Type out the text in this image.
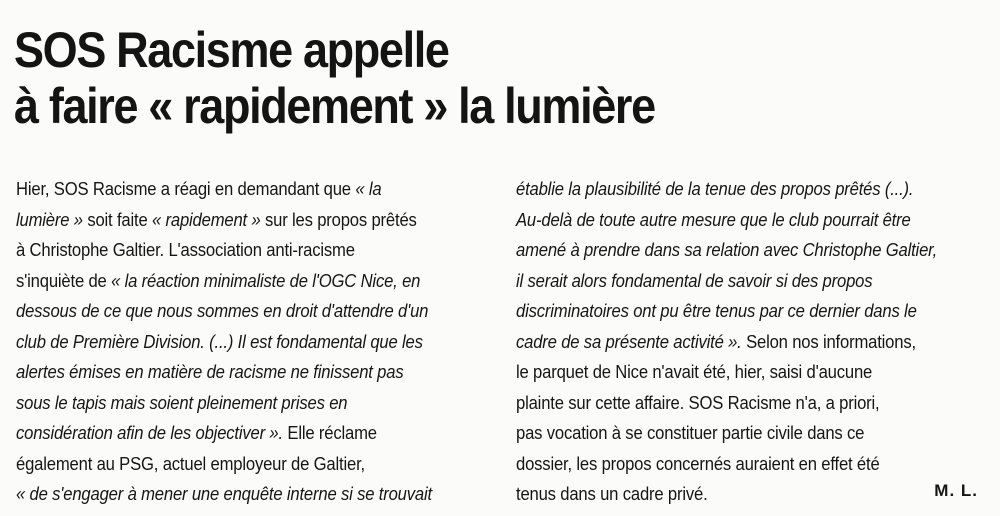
SOS Racisme appelle
à faire « rapidement » la lumière
Hier, SOS Racisme a réagi en demandant que « la
lumière » soit faite « rapidement » sur les propos prêtés
à Christophe Galtier. L'association anti-racisme
s'inquiète de « la réaction minimaliste de l'OGC Nice, en
dessous de ce que nous sommes en droit d'attendre d'un
club de Première Division. (...) Il est fondamental que les
alertes émises en matière de racisme ne finissent pas
sous le tapis mais soient pleinement prises en
considération afin de les objectiver ». Elle réclame
également au PSG, actuel employeur de Galtier,
« de s'engager à mener une enquête interne si se trouvait
établie la plausibilité de la tenue des propos prêtés (...).
Au-delà de toute autre mesure que le club pourrait être
amené à prendre dans sa relation avec Christophe Galtier,
il serait alors fondamental de savoir si des propos
discriminatoires ont pu être tenus par ce dernier dans le
cadre de sa présente activité ». Selon nos informations,
le parquet de Nice n'avait été, hier, saisi d'aucune
plainte sur cette affaire. SOS Racisme n'a, a priori,
pas vocation à se constituer partie civile dans ce
dossier, les propos concernés auraient en effet été
tenus dans un cadre privé.	M. L.
